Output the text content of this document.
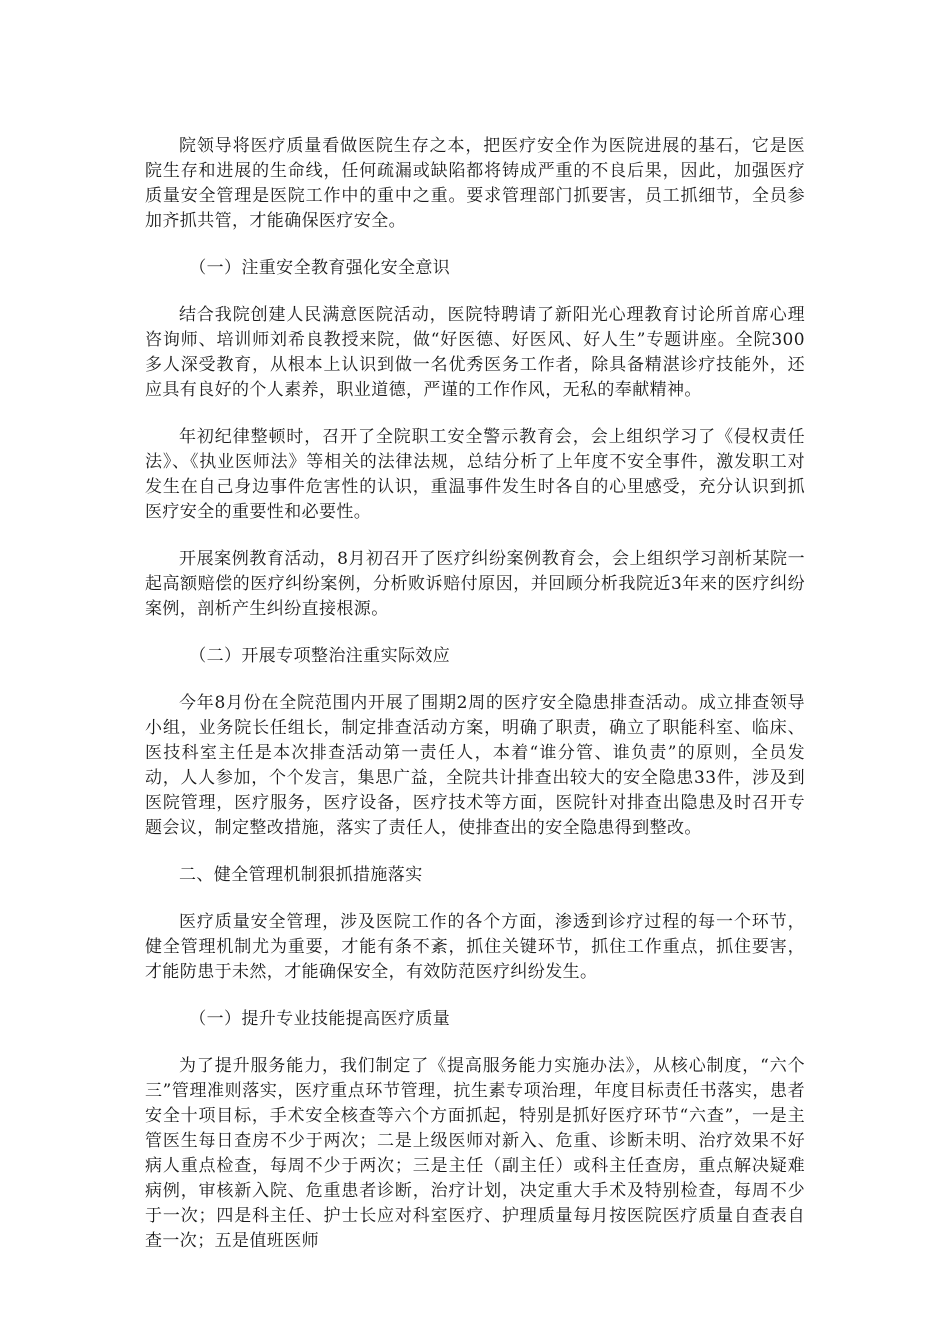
院领导将医疗质量看做医院生存之本，把医疗安全作为医院进展的基石，它是医院生存和进展的生命线，任何疏漏或缺陷都将铸成严重的不良后果，因此，加强医疗质量安全管理是医院工作中的重中之重。要求管理部门抓要害，员工抓细节，全员参加齐抓共管，才能确保医疗安全。

（一）注重安全教育强化安全意识

结合我院创建人民满意医院活动，医院特聘请了新阳光心理教育讨论所首席心理咨询师、培训师刘希良教授来院，做“好医德、好医风、好人生”专题讲座。全院300多人深受教育，从根本上认识到做一名优秀医务工作者，除具备精湛诊疗技能外，还应具有良好的个人素养，职业道德，严谨的工作作风，无私的奉献精神。

年初纪律整顿时，召开了全院职工安全警示教育会，会上组织学习了《侵权责任法》、《执业医师法》等相关的法律法规，总结分析了上年度不安全事件，激发职工对发生在自己身边事件危害性的认识，重温事件发生时各自的心里感受，充分认识到抓医疗安全的重要性和必要性。

开展案例教育活动，8月初召开了医疗纠纷案例教育会，会上组织学习剖析某院一起高额赔偿的医疗纠纷案例，分析败诉赔付原因，并回顾分析我院近3年来的医疗纠纷案例，剖析产生纠纷直接根源。

（二）开展专项整治注重实际效应

今年8月份在全院范围内开展了围期2周的医疗安全隐患排查活动。成立排查领导小组，业务院长任组长，制定排查活动方案，明确了职责，确立了职能科室、临床、医技科室主任是本次排查活动第一责任人，本着“谁分管、谁负责”的原则，全员发动，人人参加，个个发言，集思广益，全院共计排查出较大的安全隐患33件，涉及到医院管理，医疗服务，医疗设备，医疗技术等方面，医院针对排查出隐患及时召开专题会议，制定整改措施，落实了责任人，使排查出的安全隐患得到整改。

二、健全管理机制狠抓措施落实

医疗质量安全管理，涉及医院工作的各个方面，渗透到诊疗过程的每一个环节，健全管理机制尤为重要，才能有条不紊，抓住关键环节，抓住工作重点，抓住要害，才能防患于未然，才能确保安全，有效防范医疗纠纷发生。

（一）提升专业技能提高医疗质量

为了提升服务能力，我们制定了《提高服务能力实施办法》，从核心制度，“六个三”管理准则落实，医疗重点环节管理，抗生素专项治理，年度目标责任书落实，患者安全十项目标，手术安全核查等六个方面抓起，特别是抓好医疗环节“六查”，一是主管医生每日查房不少于两次；二是上级医师对新入、危重、诊断未明、治疗效果不好病人重点检查，每周不少于两次；三是主任（副主任）或科主任查房，重点解决疑难病例，审核新入院、危重患者诊断，治疗计划，决定重大手术及特别检查，每周不少于一次；四是科主任、护士长应对科室医疗、护理质量每月按医院医疗质量自查表自查一次；五是值班医师
